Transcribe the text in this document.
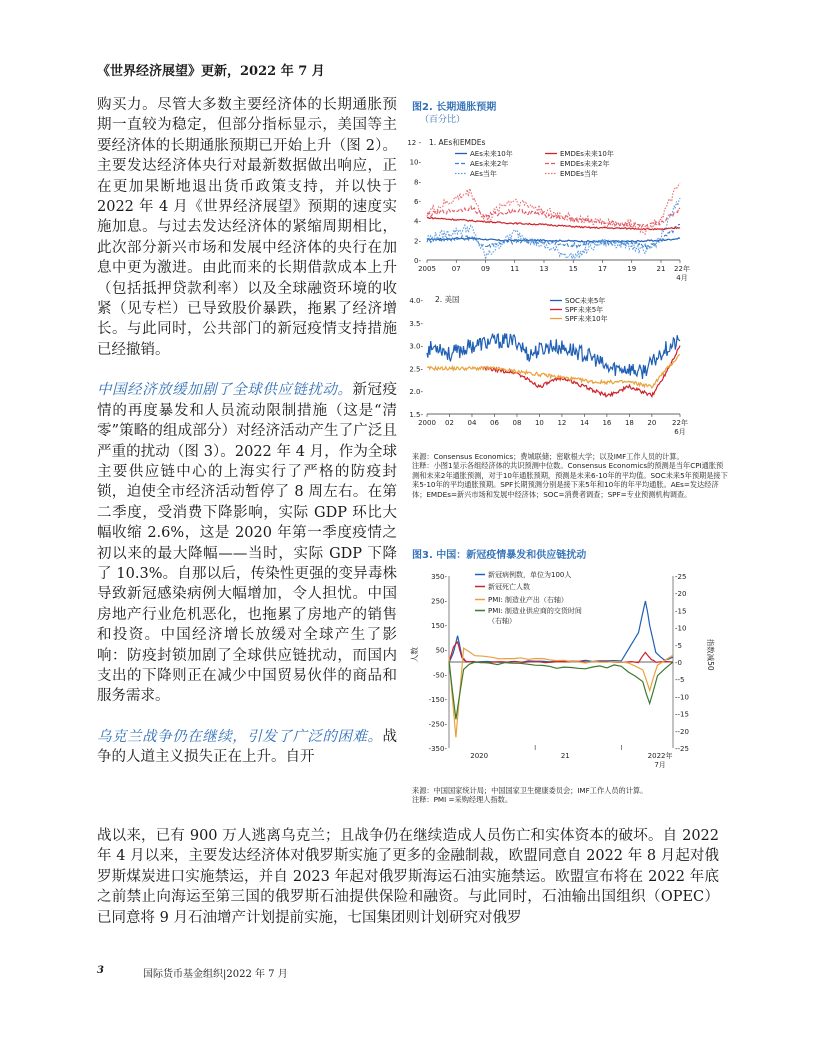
《世界经济展望》更新，2022 年 7 月

购买力。尽管大多数主要经济体的长期通胀预期一直较为稳定，但部分指标显示，美国等主要经济体的长期通胀预期已开始上升（图 2）。主要发达经济体央行对最新数据做出响应，正在更加果断地退出货币政策支持，并以快于 2022 年 4 月《世界经济展望》预期的速度实施加息。与过去发达经济体的紧缩周期相比，此次部分新兴市场和发展中经济体的央行在加息中更为激进。由此而来的长期借款成本上升（包括抵押贷款利率）以及全球融资环境的收紧（见专栏）已导致股价暴跌，拖累了经济增长。与此同时，公共部门的新冠疫情支持措施已经撤销。

中国经济放缓加剧了全球供应链扰动。新冠疫情的再度暴发和人员流动限制措施（这是“清零”策略的组成部分）对经济活动产生了广泛且严重的扰动（图 3）。2022 年 4 月，作为全球主要供应链中心的上海实行了严格的防疫封锁，迫使全市经济活动暂停了 8 周左右。在第二季度，受消费下降影响，实际 GDP 环比大幅收缩 2.6%，这是 2020 年第一季度疫情之初以来的最大降幅——当时，实际 GDP 下降了 10.3%。自那以后，传染性更强的变异毒株导致新冠感染病例大幅增加，令人担忧。中国房地产行业危机恶化，也拖累了房地产的销售和投资。中国经济增长放缓对全球产生了影响：防疫封锁加剧了全球供应链扰动，而国内支出的下降则正在减少中国贸易伙伴的商品和服务需求。

乌克兰战争仍在继续，引发了广泛的困难。战争的人道主义损失正在上升。自开

战以来，已有 900 万人逃离乌克兰；且战争仍在继续造成人员伤亡和实体资本的破坏。自 2022 年 4 月以来，主要发达经济体对俄罗斯实施了更多的金融制裁，欧盟同意自 2022 年 8 月起对俄罗斯煤炭进口实施禁运，并自 2023 年起对俄罗斯海运石油实施禁运。欧盟宣布将在 2022 年底之前禁止向海运至第三国的俄罗斯石油提供保险和融资。与此同时，石油输出国组织（OPEC）已同意将 9 月石油增产计划提前实施，七国集团则计划研究对俄罗
图2. 长期通胀预期
（百分比）
0-
2-
4-
6-
8-
10-
12 - 1. AEs和EMDEs
2005 07	09	11	13	15	17	19	21 22年
4月
AEs未来10年
AEs未来2年
AEs当年
EMDEs未来10年
EMDEs未来2年
EMDEs当年
1.5-
2.0-
2.5-
3.0-
3.5-
4.0- 2. 美国
2000 02 04 06 08 10 12 14 16 18 20 22年
6月
SOC未来5年
SPF未来5年
SPF未来10年

来源：Consensus Economics；费城联储；密歇根大学；以及IMF工作人员的计算。

注释：小图1显示各组经济体的共识预测中位数。Consensus Economics的预测是当年CPI通胀预测和未来2年通胀预测，对于10年通胀预期，预测是未来6-10年的平均值。SOC未来5年预期是接下来5-10年的平均通胀预期。SPF长期预测分别是接下来5年和10年的年平均通胀。AEs=发达经济体；EMDEs=新兴市场和发展中经济体；SOC=消费者调查；SPF=专业预测机构调查。

图3. 中国：新冠疫情暴发和供应链扰动
350-
250-
150-
50-
-50-
-150-
-250-
-350-
-25
-20
-15
-10
-5
-0
--5
--10
--15
--20
--25
人数	指数减50
2020	21	2022年
7月
新冠病例数，单位为100人
新冠死亡人数
PMI: 制造业产出（右轴）
PMI: 制造业供应商的交货时间
（右轴）

来源：中国国家统计局；中国国家卫生健康委员会；IMF工作人员的计算。

注释：PMI =采购经理人指数。

3	国际货币基金组织|2022 年 7 月
